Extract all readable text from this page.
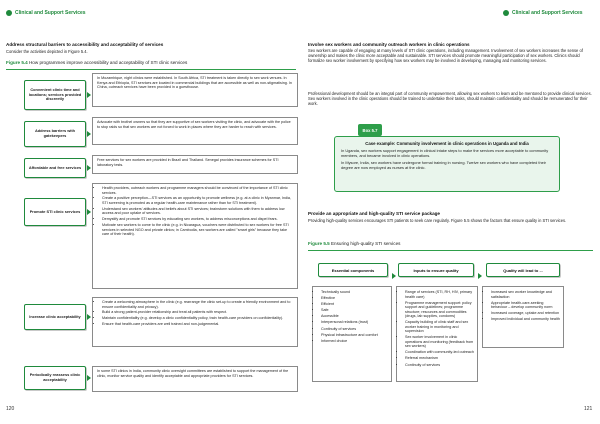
Clinical and Support Services	Clinical and Support Services
Address structural barriers to accessibility and acceptability of services
Consider the activities depicted in Figure 5.4.
Figure 5.4 How programmes improve accessibility and acceptability of STI clinic services
Convenient clinic time and locations; services provided discreetly
In Mozambique, night clinics were established. In South Africa, STI treatment is taken directly to sex work venues. In Kenya and Ethiopia, STI services are located in commercial buildings that are accessible as well as non-stigmatising. In China, outreach services have been provided in a guesthouse.
Address barriers with gatekeepers
Advocate with brothel owners so that they are supportive of sex workers visiting the clinic, and advocate with the police to stop raids so that sex workers are not forced to work in places where they are harder to reach with services.
Affordable and free services
Free services for sex workers are provided in Brazil and Thailand. Senegal provides insurance schemes for STI laboratory tests.
Promote STI clinic services
• Health providers, outreach workers and programme managers should be convinced of the importance of STI clinic services.
• Create a positive perception—STI services as an opportunity to promote wellness (e.g. at a clinic in Myanmar, India, STI screening is promoted as a regular health-care maintenance rather than for STI treatment).
• Understand sex workers' attitudes and beliefs about STI services; brainstorm solutions with them to address low access and poor uptake of services.
• Demystify and promote STI services by educating sex workers, to address misconceptions and dispel fears.
• Motivate sex workers to come to the clinic (e.g. in Nicaragua, vouchers were distributed to sex workers for free STI services in selected NGO and private clinics; in Cambodia, sex workers are called "smart girls" because they take care of their health).
Increase clinic acceptability
• Create a welcoming atmosphere in the clinic (e.g. rearrange the clinic set-up to create a friendly environment and to ensure confidentiality and privacy).
• Build a strong patient-provider relationship and treat all patients with respect.
• Maintain confidentiality (e.g. develop a clinic confidentiality policy, train health-care providers on confidentiality).
• Ensure that health-care providers are well trained and non-judgemental.
Periodically reassess clinic acceptability
In some STI clinics in India, community clinic oversight committees are established to support the management of the clinic, monitor service quality and identify acceptable and appropriate providers for STI services.
120
Involve sex workers and community outreach workers in clinic operations
Sex workers are capable of engaging at many levels of STI clinic operations, including management. Involvement of sex workers increases the sense of ownership and makes the clinic more acceptable and sustainable. STI services should promote meaningful participation of sex workers. Clinics should formalize sex worker involvement by specifying how sex workers may be involved in developing, managing and monitoring services.
Professional development should be an integral part of community empowerment, allowing sex workers to learn and be mentored to provide clinical services. Sex workers involved in the clinic operations should be trained to undertake their tasks, should maintain confidentiality and should be remunerated for their work.
Case example: Community involvement in clinic operations in Uganda and India
In Uganda, sex workers support engagement in clinical intake steps to make the services more acceptable to community members, and became involved in clinic operations.
In Mysore, India, sex workers have undergone formal training in nursing. Twelve sex workers who have completed their degree are now employed as nurses at the clinic.
Box 5.7
Provide an appropriate and high-quality STI service package
Providing high-quality services encourages STI patients to seek care regularly. Figure 5.5 shows the factors that ensure quality in STI services.
Figure 5.5 Ensuring high-quality STI services
Essential components	Inputs to ensure quality	Quality will lead to ...
• Technically sound
• Effective
• Efficient
• Safe
• Accessible
• Interpersonal relations (trust)
• Continuity of services
• Physical infrastructure and comfort
• Informed choice
• Range of services (STI, RH, HIV, primary health care)
• Programme management support: policy support and guidelines; programme structure; resources and commodities (drugs, lab supplies, condoms)
• Capacity building of clinic staff and sex worker training in monitoring and supervision
• Sex worker involvement in clinic operations and monitoring (feedback from sex workers)
• Coordination with community-led outreach
• Referral mechanism
• Continuity of services
• Increased sex worker knowledge and satisfaction
• Appropriate health-care-seeking behaviour – develop community norm
• Increased coverage, uptake and retention
• Improved individual and community health
121
